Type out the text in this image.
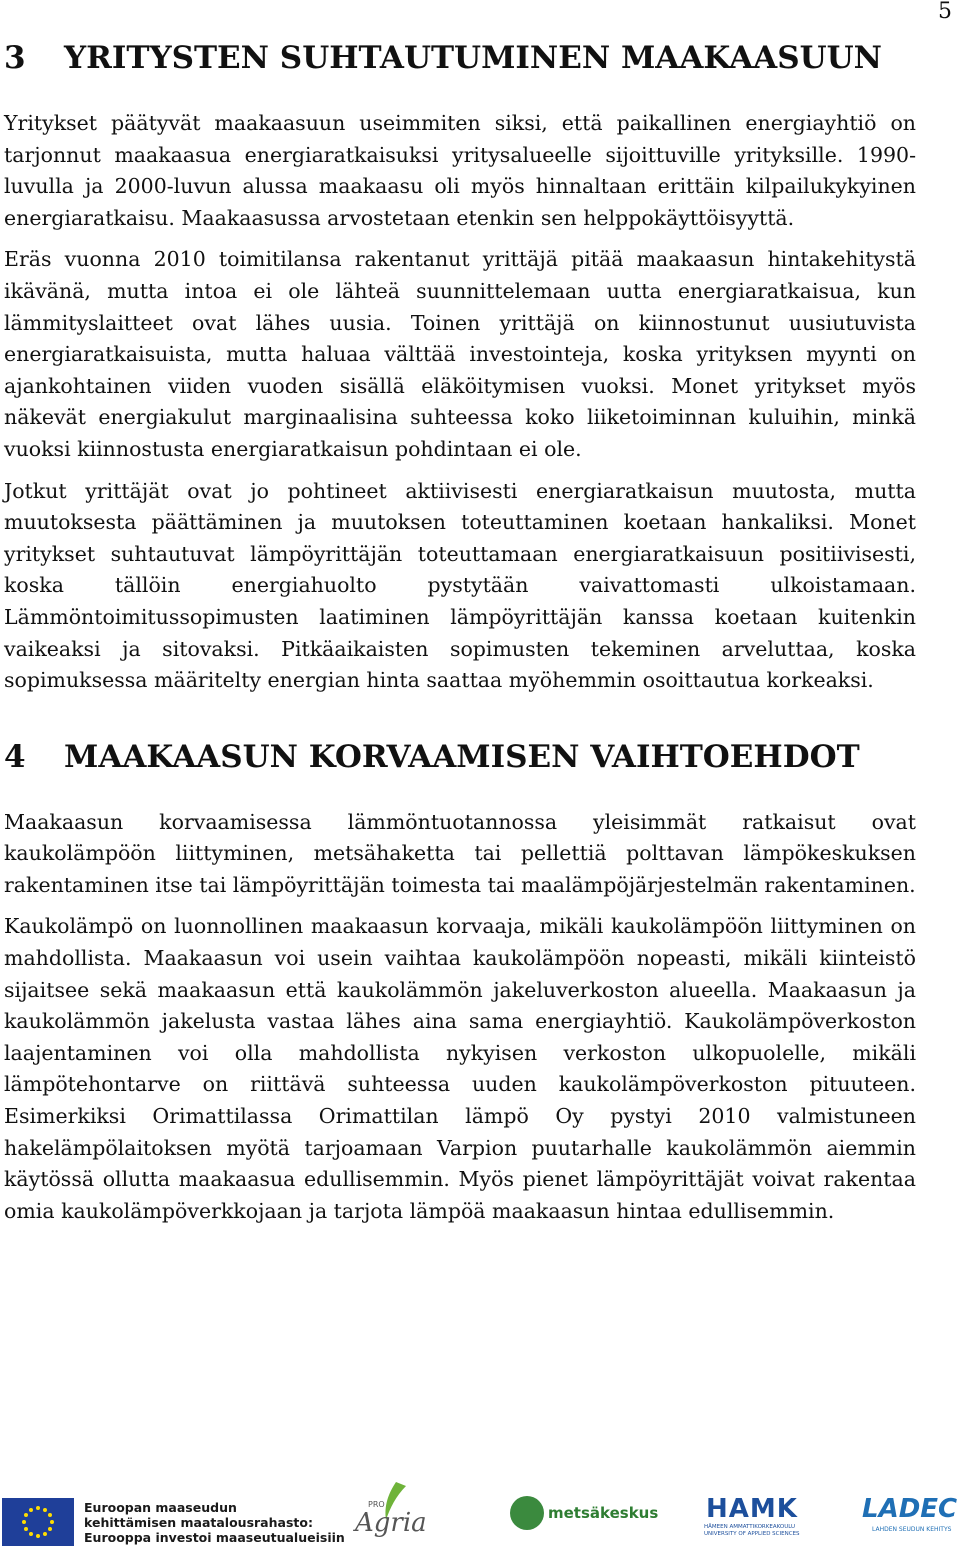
5
3	YRITYSTEN SUHTAUTUMINEN MAAKAASUUN

Yritykset päätyvät maakaasuun useimmiten siksi, että paikallinen energiayhtiö on tarjonnut maakaasua energiaratkaisuksi yritysalueelle sijoittuville yrityksille. 1990-luvulla ja 2000-luvun alussa maakaasu oli myös hinnaltaan erittäin kilpailukykyinen energiaratkaisu. Maakaasussa arvostetaan etenkin sen helppokäyttöisyyttä.

Eräs vuonna 2010 toimitilansa rakentanut yrittäjä pitää maakaasun hintakehitystä ikävänä, mutta intoa ei ole lähteä suunnittelemaan uutta energiaratkaisua, kun lämmityslaitteet ovat lähes uusia. Toinen yrittäjä on kiinnostunut uusiutuvista energiaratkaisuista, mutta haluaa välttää investointeja, koska yrityksen myynti on ajankohtainen viiden vuoden sisällä eläköitymisen vuoksi. Monet yritykset myös näkevät energiakulut marginaalisina suhteessa koko liiketoiminnan kuluihin, minkä vuoksi kiinnostusta energiaratkaisun pohdintaan ei ole.

Jotkut yrittäjät ovat jo pohtineet aktiivisesti energiaratkaisun muutosta, mutta muutoksesta päättäminen ja muutoksen toteuttaminen koetaan hankaliksi. Monet yritykset suhtautuvat lämpöyrittäjän toteuttamaan energiaratkaisuun positiivisesti, koska tällöin energiahuolto pystytään vaivattomasti ulkoistamaan. Lämmöntoimitussopimusten laatiminen lämpöyrittäjän kanssa koetaan kuitenkin vaikeaksi ja sitovaksi. Pitkäaikaisten sopimusten tekeminen arveluttaa, koska sopimuksessa määritelty energian hinta saattaa myöhemmin osoittautua korkeaksi.

4	MAAKAASUN KORVAAMISEN VAIHTOEHDOT

Maakaasun korvaamisessa lämmöntuotannossa yleisimmät ratkaisut ovat kaukolämpöön liittyminen, metsähaketta tai pellettiä polttavan lämpökeskuksen rakentaminen itse tai lämpöyrittäjän toimesta tai maalämpöjärjestelmän rakentaminen.

Kaukolämpö on luonnollinen maakaasun korvaaja, mikäli kaukolämpöön liittyminen on mahdollista. Maakaasun voi usein vaihtaa kaukolämpöön nopeasti, mikäli kiinteistö sijaitsee sekä maakaasun että kaukolämmön jakeluverkoston alueella. Maakaasun ja kaukolämmön jakelusta vastaa lähes aina sama energiayhtiö. Kaukolämpöverkoston laajentaminen voi olla mahdollista nykyisen verkoston ulkopuolelle, mikäli lämpötehontarve on riittävä suhteessa uuden kaukolämpöverkoston pituuteen. Esimerkiksi Orimattilassa Orimattilan lämpö Oy pystyi 2010 valmistuneen hakelämpölaitoksen myötä tarjoamaan Varpion puutarhalle kaukolämmön aiemmin käytössä ollutta maakaasua edullisemmin. Myös pienet lämpöyrittäjät voivat rakentaa omia kaukolämpöverkkojaan ja tarjota lämpöä maakaasun hintaa edullisemmin.

Euroopan maaseudun
kehittämisen maatalousrahasto:
Eurooppa investoi maaseutualueisiin
PRO
Agria	metsäkeskus HAMK
HÄMEEN AMMATTIKORKEAKOULU
UNIVERSITY OF APPLIED SCIENCES
LADEC
LAHDEN SEUDUN KEHITYS
